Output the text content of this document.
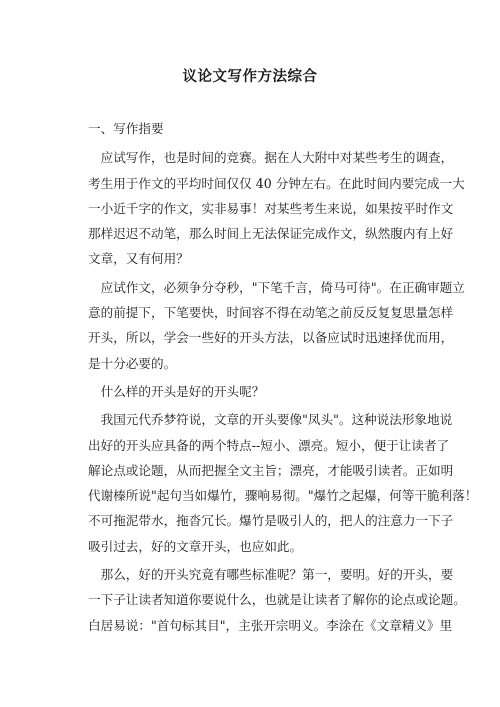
议论文写作方法综合
一、写作指要
　应试写作，也是时间的竞赛。据在人大附中对某些考生的调查，
考生用于作文的平均时间仅仅 40 分钟左右。在此时间内要完成一大
一小近千字的作文，实非易事！对某些考生来说，如果按平时作文
那样迟迟不动笔，那么时间上无法保证完成作文，纵然腹内有上好
文章，又有何用？
　应试作文，必须争分夺秒，"下笔千言，倚马可待"。在正确审题立
意的前提下，下笔要快，时间容不得在动笔之前反反复复思量怎样
开头，所以，学会一些好的开头方法，以备应试时迅速择优而用，
是十分必要的。
　什么样的开头是好的开头呢？
　我国元代乔梦符说，文章的开头要像"凤头"。这种说法形象地说
出好的开头应具备的两个特点--短小、漂亮。短小，便于让读者了
解论点或论题，从而把握全文主旨；漂亮，才能吸引读者。正如明
代谢榛所说"起句当如爆竹，骤响易彻。"爆竹之起爆，何等干脆利落！
不可拖泥带水，拖沓冗长。爆竹是吸引人的，把人的注意力一下子
吸引过去，好的文章开头，也应如此。
　那么，好的开头究竟有哪些标准呢？第一，要明。好的开头，要
一下子让读者知道你要说什么，也就是让读者了解你的论点或论题。
白居易说："首句标其目"，主张开宗明义。李涂在《文章精义》里
